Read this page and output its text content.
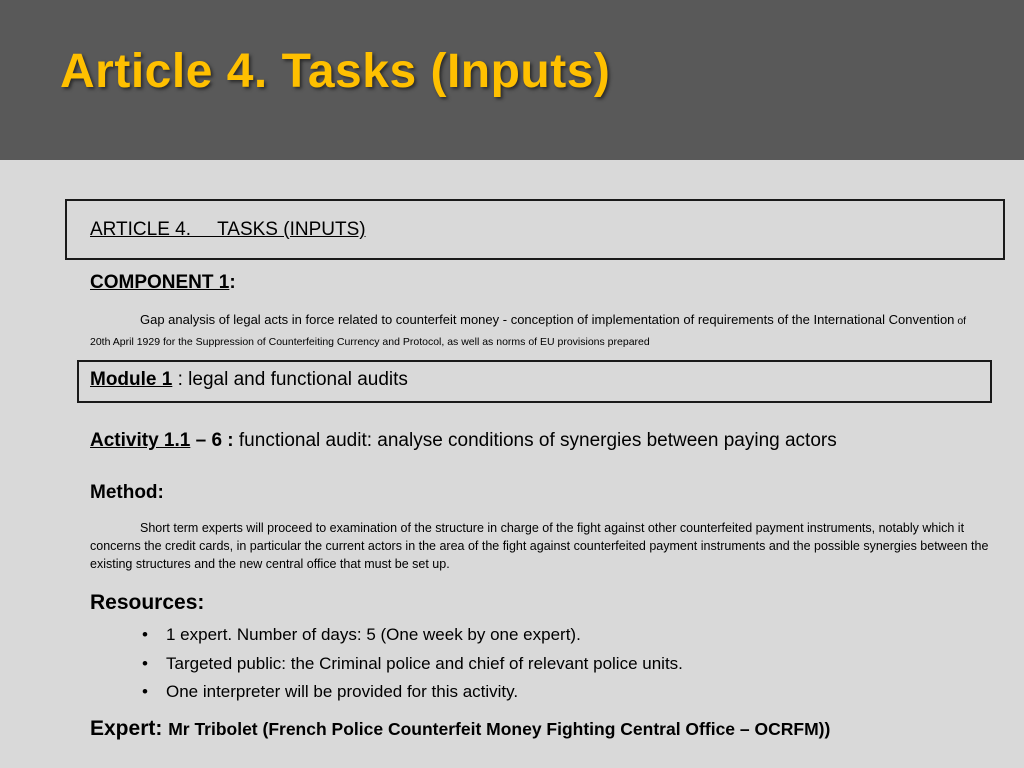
Article 4. Tasks (Inputs)
ARTICLE 4.     TASKS (INPUTS)
COMPONENT 1:
Gap analysis of legal acts in force related to counterfeit money - conception of implementation of requirements of the International Convention of 20th April 1929 for the Suppression of Counterfeiting Currency and Protocol, as well as norms of EU provisions prepared
Module 1 : legal and functional audits
Activity 1.1 – 6 : functional audit: analyse conditions of synergies between paying actors
Method:
Short term experts will proceed to examination of the structure in charge of the fight against other counterfeited payment instruments, notably which it concerns the credit cards, in particular the current actors in the area of the fight against counterfeited payment instruments and the possible synergies between the existing structures and the new central office that must be set up.
Resources:
• 1 expert. Number of days: 5 (One week by one expert).
• Targeted public: the Criminal police and chief of relevant police units.
• One interpreter will be provided for this activity.
Expert: Mr Tribolet (French Police Counterfeit Money Fighting Central Office – OCRFM))
